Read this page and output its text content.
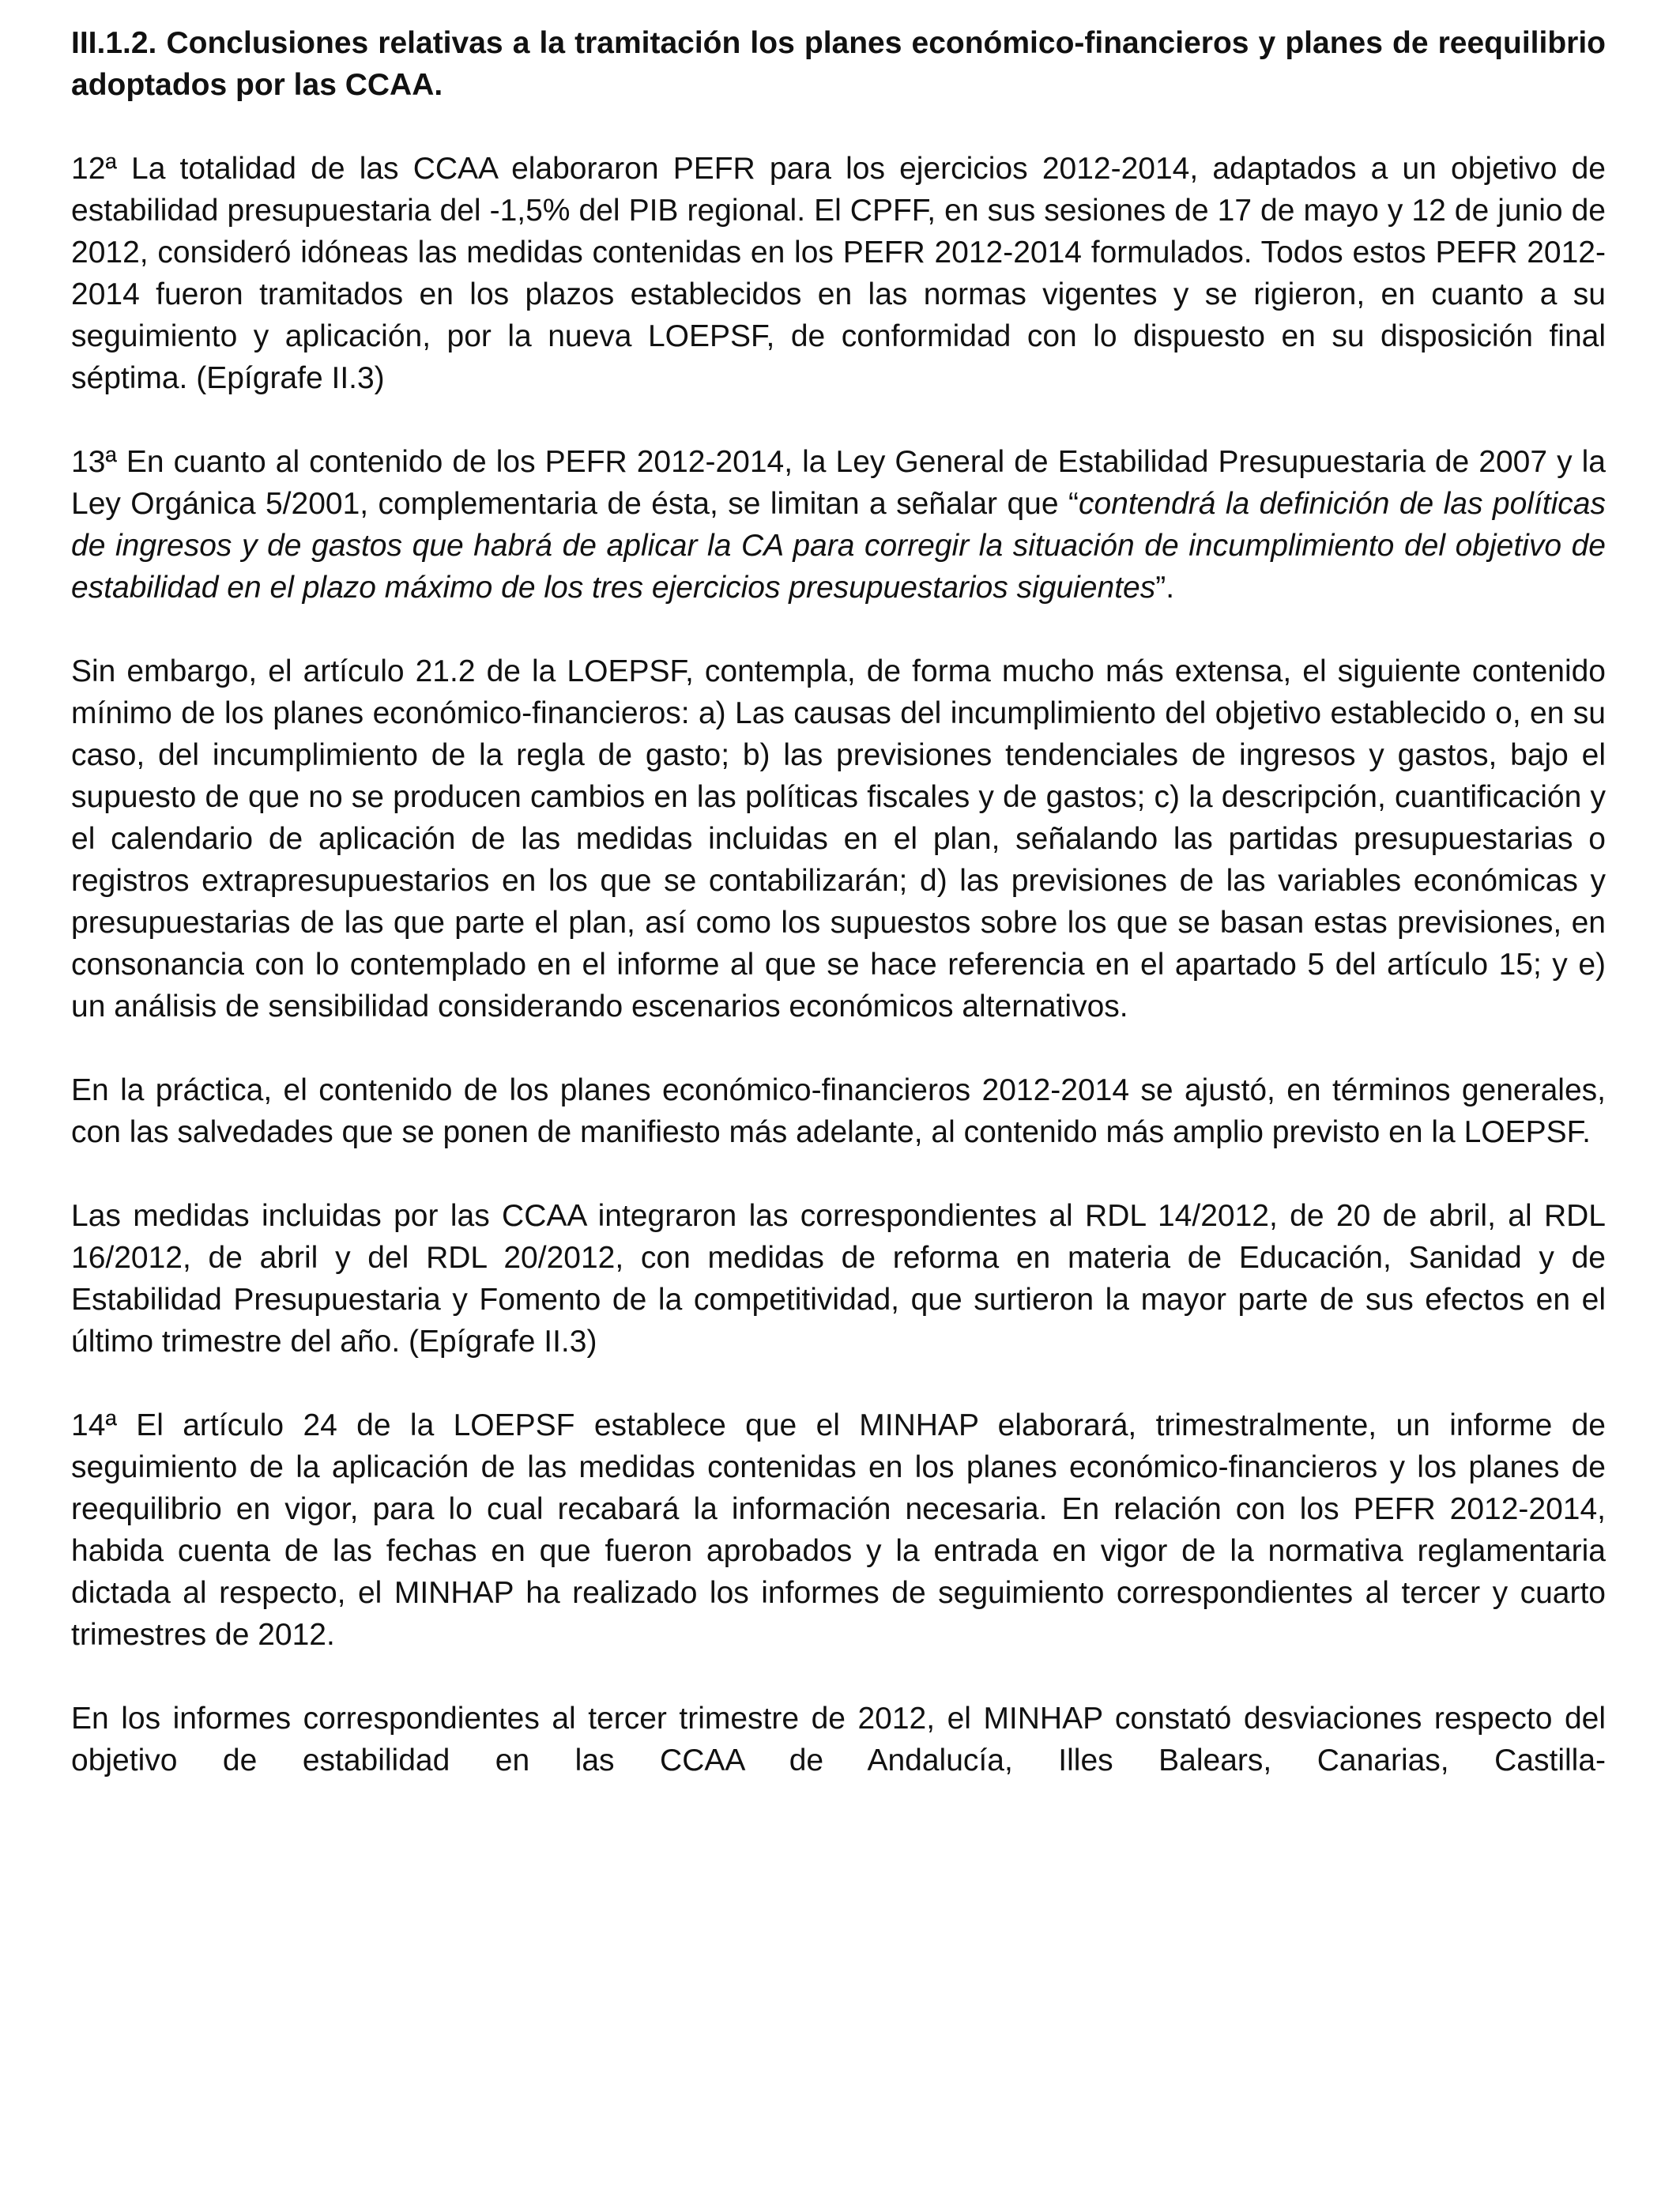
III.1.2. Conclusiones relativas a la tramitación los planes económico-financieros y planes de reequilibrio adoptados por las CCAA.

12ª La totalidad de las CCAA elaboraron PEFR para los ejercicios 2012-2014, adaptados a un objetivo de estabilidad presupuestaria del -1,5% del PIB regional. El CPFF, en sus sesiones de 17 de mayo y 12 de junio de 2012, consideró idóneas las medidas contenidas en los PEFR 2012-2014 formulados. Todos estos PEFR 2012-2014 fueron tramitados en los plazos establecidos en las normas vigentes y se rigieron, en cuanto a su seguimiento y aplicación, por la nueva LOEPSF, de conformidad con lo dispuesto en su disposición final séptima. (Epígrafe II.3)

13ª En cuanto al contenido de los PEFR 2012-2014, la Ley General de Estabilidad Presupuestaria de 2007 y la Ley Orgánica 5/2001, complementaria de ésta, se limitan a señalar que “contendrá la definición de las políticas de ingresos y de gastos que habrá de aplicar la CA para corregir la situación de incumplimiento del objetivo de estabilidad en el plazo máximo de los tres ejercicios presupuestarios siguientes”.

Sin embargo, el artículo 21.2 de la LOEPSF, contempla, de forma mucho más extensa, el siguiente contenido mínimo de los planes económico-financieros: a) Las causas del incumplimiento del objetivo establecido o, en su caso, del incumplimiento de la regla de gasto; b) las previsiones tendenciales de ingresos y gastos, bajo el supuesto de que no se producen cambios en las políticas fiscales y de gastos; c) la descripción, cuantificación y el calendario de aplicación de las medidas incluidas en el plan, señalando las partidas presupuestarias o registros extrapresupuestarios en los que se contabilizarán; d) las previsiones de las variables económicas y presupuestarias de las que parte el plan, así como los supuestos sobre los que se basan estas previsiones, en consonancia con lo contemplado en el informe al que se hace referencia en el apartado 5 del artículo 15; y e) un análisis de sensibilidad considerando escenarios económicos alternativos.

En la práctica, el contenido de los planes económico-financieros 2012-2014 se ajustó, en términos generales, con las salvedades que se ponen de manifiesto más adelante, al contenido más amplio previsto en la LOEPSF.

Las medidas incluidas por las CCAA integraron las correspondientes al RDL 14/2012, de 20 de abril, al RDL 16/2012, de abril y del RDL 20/2012, con medidas de reforma en materia de Educación, Sanidad y de Estabilidad Presupuestaria y Fomento de la competitividad, que surtieron la mayor parte de sus efectos en el último trimestre del año. (Epígrafe II.3)

14ª El artículo 24 de la LOEPSF establece que el MINHAP elaborará, trimestralmente, un informe de seguimiento de la aplicación de las medidas contenidas en los planes económico-financieros y los planes de reequilibrio en vigor, para lo cual recabará la información necesaria. En relación con los PEFR 2012-2014, habida cuenta de las fechas en que fueron aprobados y la entrada en vigor de la normativa reglamentaria dictada al respecto, el MINHAP ha realizado los informes de seguimiento correspondientes al tercer y cuarto trimestres de 2012.

En los informes correspondientes al tercer trimestre de 2012, el MINHAP constató desviaciones respecto del objetivo de estabilidad en las CCAA de Andalucía, Illes Balears, Canarias, Castilla-
